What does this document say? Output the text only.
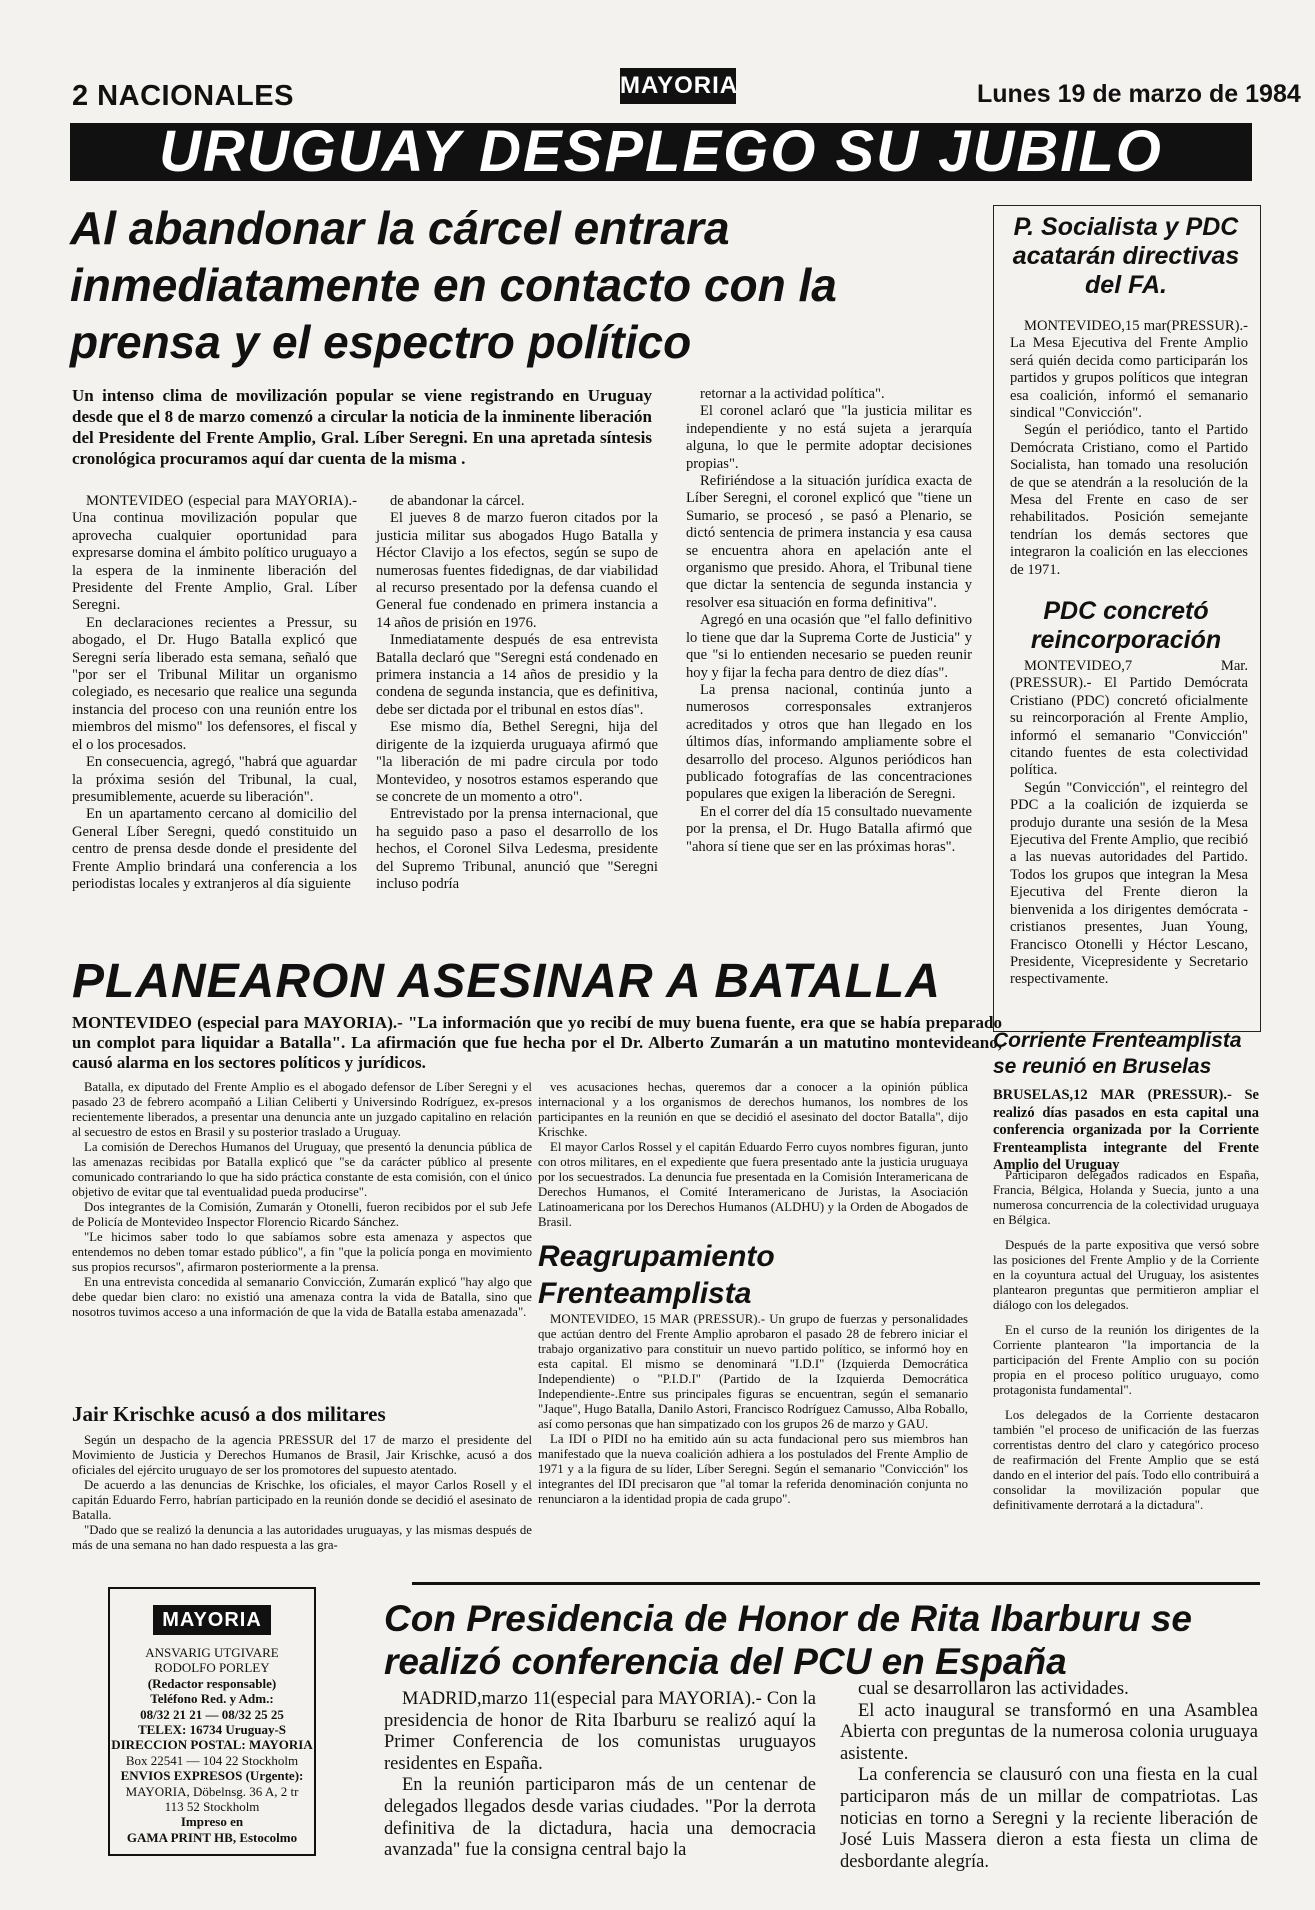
2 NACIONALES	MAYORIA	Lunes 19 de marzo de 1984
URUGUAY DESPLEGO SU JUBILO
Al abandonar la cárcel entrara inmediatamente en contacto con la prensa y el espectro político
Un intenso clima de movilización popular se viene registrando en Uruguay desde que el 8 de marzo comenzó a circular la noticia de la inminente liberación del Presidente del Frente Amplio, Gral. Líber Seregni. En una apretada síntesis cronológica procuramos aquí dar cuenta de la misma .

MONTEVIDEO (especial para MAYORIA).-Una continua movilización popular que aprovecha cualquier oportunidad para expresarse domina el ámbito político uruguayo a la espera de la inminente liberación del Presidente del Frente Amplio, Gral. Líber Seregni.

En declaraciones recientes a Pressur, su abogado, el Dr. Hugo Batalla explicó que Seregni sería liberado esta semana, señaló que "por ser el Tribunal Militar un organismo colegiado, es necesario que realice una segunda instancia del proceso con una reunión entre los miembros del mismo" los defensores, el fiscal y el o los procesados.

En consecuencia, agregó, "habrá que aguardar la próxima sesión del Tribunal, la cual, presumiblemente, acuerde su liberación".

En un apartamento cercano al domicilio del General Líber Seregni, quedó constituido un centro de prensa desde donde el presidente del Frente Amplio brindará una conferencia a los periodistas locales y extranjeros al día siguiente

de abandonar la cárcel.

El jueves 8 de marzo fueron citados por la justicia militar sus abogados Hugo Batalla y Héctor Clavijo a los efectos, según se supo de numerosas fuentes fidedignas, de dar viabilidad al recurso presentado por la defensa cuando el General fue condenado en primera instancia a 14 años de prisión en 1976.

Inmediatamente después de esa entrevista Batalla declaró que "Seregni está condenado en primera instancia a 14 años de presidio y la condena de segunda instancia, que es definitiva, debe ser dictada por el tribunal en estos días".

Ese mismo día, Bethel Seregni, hija del dirigente de la izquierda uruguaya afirmó que "la liberación de mi padre circula por todo Montevideo, y nosotros estamos esperando que se concrete de un momento a otro".

Entrevistado por la prensa internacional, que ha seguido paso a paso el desarrollo de los hechos, el Coronel Silva Ledesma, presidente del Supremo Tribunal, anunció que "Seregni incluso podría

retornar a la actividad política".

El coronel aclaró que "la justicia militar es independiente y no está sujeta a jerarquía alguna, lo que le permite adoptar decisiones propias".

Refiriéndose a la situación jurídica exacta de Líber Seregni, el coronel explicó que "tiene un Sumario, se procesó , se pasó a Plenario, se dictó sentencia de primera instancia y esa causa se encuentra ahora en apelación ante el organismo que presido. Ahora, el Tribunal tiene que dictar la sentencia de segunda instancia y resolver esa situación en forma definitiva".

Agregó en una ocasión que "el fallo definitivo lo tiene que dar la Suprema Corte de Justicia" y que "si lo entienden necesario se pueden reunir hoy y fijar la fecha para dentro de diez días".

La prensa nacional, continúa junto a numerosos corresponsales extranjeros acreditados y otros que han llegado en los últimos días, informando ampliamente sobre el desarrollo del proceso. Algunos periódicos han publicado fotografías de las concentraciones populares que exigen la liberación de Seregni.

En el correr del día 15 consultado nuevamente por la prensa, el Dr. Hugo Batalla afirmó que "ahora sí tiene que ser en las próximas horas".

P. Socialista y PDC acatarán directivas del FA.

MONTEVIDEO,15 mar(PRESSUR).- La Mesa Ejecutiva del Frente Amplio será quién decida como participarán los partidos y grupos políticos que integran esa coalición, informó el semanario sindical "Convicción".

Según el periódico, tanto el Partido Demócrata Cristiano, como el Partido Socialista, han tomado una resolución de que se atendrán a la resolución de la Mesa del Frente en caso de ser rehabilitados. Posición semejante tendrían los demás sectores que integraron la coalición en las elecciones de 1971.

PDC concretó reincorporación

MONTEVIDEO,7 Mar. (PRESSUR).- El Partido Demócrata Cristiano (PDC) concretó oficialmente su reincorporación al Frente Amplio, informó el semanario "Convicción" citando fuentes de esta colectividad política.

Según "Convicción", el reintegro del PDC a la coalición de izquierda se produjo durante una sesión de la Mesa Ejecutiva del Frente Amplio, que recibió a las nuevas autoridades del Partido. Todos los grupos que integran la Mesa Ejecutiva del Frente dieron la bienvenida a los dirigentes demócrata - cristianos presentes, Juan Young, Francisco Otonelli y Héctor Lescano, Presidente, Vicepresidente y Secretario respectivamente.

PLANEARON ASESINAR A BATALLA
MONTEVIDEO (especial para MAYORIA).- "La información que yo recibí de muy buena fuente, era que se había preparado un complot para liquidar a Batalla". La afirmación que fue hecha por el Dr. Alberto Zumarán a un matutino montevideano, causó alarma en los sectores políticos y jurídicos.

Batalla, ex diputado del Frente Amplio es el abogado defensor de Líber Seregni y el pasado 23 de febrero acompañó a Lilian Celiberti y Universindo Rodríguez, ex-presos recientemente liberados, a presentar una denuncia ante un juzgado capitalino en relación al secuestro de estos en Brasil y su posterior traslado a Uruguay.

La comisión de Derechos Humanos del Uruguay, que presentó la denuncia pública de las amenazas recibidas por Batalla explicó que "se da carácter público al presente comunicado contrariando lo que ha sido práctica constante de esta comisión, con el único objetivo de evitar que tal eventualidad pueda producirse".

Dos integrantes de la Comisión, Zumarán y Otonelli, fueron recibidos por el sub Jefe de Policía de Montevideo Inspector Florencio Ricardo Sánchez.

"Le hicimos saber todo lo que sabíamos sobre esta amenaza y aspectos que entendemos no deben tomar estado público", a fin "que la policía ponga en movimiento sus propios recursos", afirmaron posteriormente a la prensa.

En una entrevista concedida al semanario Convicción, Zumarán explicó "hay algo que debe quedar bien claro: no existió una amenaza contra la vida de Batalla, sino que nosotros tuvimos acceso a una información de que la vida de Batalla estaba amenazada".

Jair Krischke acusó a dos militares

Según un despacho de la agencia PRESSUR del 17 de marzo el presidente del Movimiento de Justicia y Derechos Humanos de Brasil, Jair Krischke, acusó a dos oficiales del ejército uruguayo de ser los promotores del supuesto atentado.

De acuerdo a las denuncias de Krischke, los oficiales, el mayor Carlos Rosell y el capitán Eduardo Ferro, habrían participado en la reunión donde se decidió el asesinato de Batalla.

"Dado que se realizó la denuncia a las autoridades uruguayas, y las mismas después de más de una semana no han dado respuesta a las gra-

ves acusaciones hechas, queremos dar a conocer a la opinión pública internacional y a los organismos de derechos humanos, los nombres de los participantes en la reunión en que se decidió el asesinato del doctor Batalla", dijo Krischke.

El mayor Carlos Rossel y el capitán Eduardo Ferro cuyos nombres figuran, junto con otros militares, en el expediente que fuera presentado ante la justicia uruguaya por los secuestrados. La denuncia fue presentada en la Comisión Interamericana de Derechos Humanos, el Comité Interamericano de Juristas, la Asociación Latinoamericana por los Derechos Humanos (ALDHU) y la Orden de Abogados de Brasil.

Reagrupamiento Frenteamplista

MONTEVIDEO, 15 MAR (PRESSUR).- Un grupo de fuerzas y personalidades que actúan dentro del Frente Amplio aprobaron el pasado 28 de febrero iniciar el trabajo organizativo para constituir un nuevo partido político, se informó hoy en esta capital. El mismo se denominará "I.D.I" (Izquierda Democrática Independiente) o "P.I.D.I" (Partido de la Izquierda Democrática Independiente-.Entre sus principales figuras se encuentran, según el semanario "Jaque", Hugo Batalla, Danilo Astori, Francisco Rodríguez Camusso, Alba Roballo, así como personas que han simpatizado con los grupos 26 de marzo y GAU.

La IDI o PIDI no ha emitido aún su acta fundacional pero sus miembros han manifestado que la nueva coalición adhiera a los postulados del Frente Amplio de 1971 y a la figura de su líder, Líber Seregni. Según el semanario "Convicción" los integrantes del IDI precisaron que "al tomar la referida denominación conjunta no renunciaron a la identidad propia de cada grupo".

Corriente Frenteamplista se reunió en Bruselas
BRUSELAS,12 MAR (PRESSUR).- Se realizó días pasados en esta capital una conferencia organizada por la Corriente Frenteamplista integrante del Frente Amplio del Uruguay

Participaron delegados radicados en España, Francia, Bélgica, Holanda y Suecia, junto a una numerosa concurrencia de la colectividad uruguaya en Bélgica.

Después de la parte expositiva que versó sobre las posiciones del Frente Amplio y de la Corriente en la coyuntura actual del Uruguay, los asistentes plantearon preguntas que permitieron ampliar el diálogo con los delegados.

En el curso de la reunión los dirigentes de la Corriente plantearon "la importancia de la participación del Frente Amplio con su poción propia en el proceso político uruguayo, como protagonista fundamental".

Los delegados de la Corriente destacaron también "el proceso de unificación de las fuerzas correntistas dentro del claro y categórico proceso de reafirmación del Frente Amplio que se está dando en el interior del país. Todo ello contribuirá a consolidar la movilización popular que definitivamente derrotará a la dictadura".

MAYORIA
ANSVARIG UTGIVARE
RODOLFO PORLEY
(Redactor responsable)
Teléfono Red. y Adm.:
08/32 21 21 — 08/32 25 25
TELEX: 16734 Uruguay-S
DIRECCION POSTAL: MAYORIA
Box 22541 — 104 22 Stockholm
ENVIOS EXPRESOS (Urgente):
MAYORIA, Döbelnsg. 36 A, 2 tr
113 52 Stockholm
Impreso en
GAMA PRINT HB, Estocolmo
Con Presidencia de Honor de Rita Ibarburu se realizó conferencia del PCU en España

MADRID,marzo 11(especial para MAYORIA).- Con la presidencia de honor de Rita Ibarburu se realizó aquí la Primer Conferencia de los comunistas uruguayos residentes en España.

En la reunión participaron más de un centenar de delegados llegados desde varias ciudades. "Por la derrota definitiva de la dictadura, hacia una democracia avanzada" fue la consigna central bajo la

cual se desarrollaron las actividades.

El acto inaugural se transformó en una Asamblea Abierta con preguntas de la numerosa colonia uruguaya asistente.

La conferencia se clausuró con una fiesta en la cual participaron más de un millar de compatriotas. Las noticias en torno a Seregni y la reciente liberación de José Luis Massera dieron a esta fiesta un clima de desbordante alegría.
